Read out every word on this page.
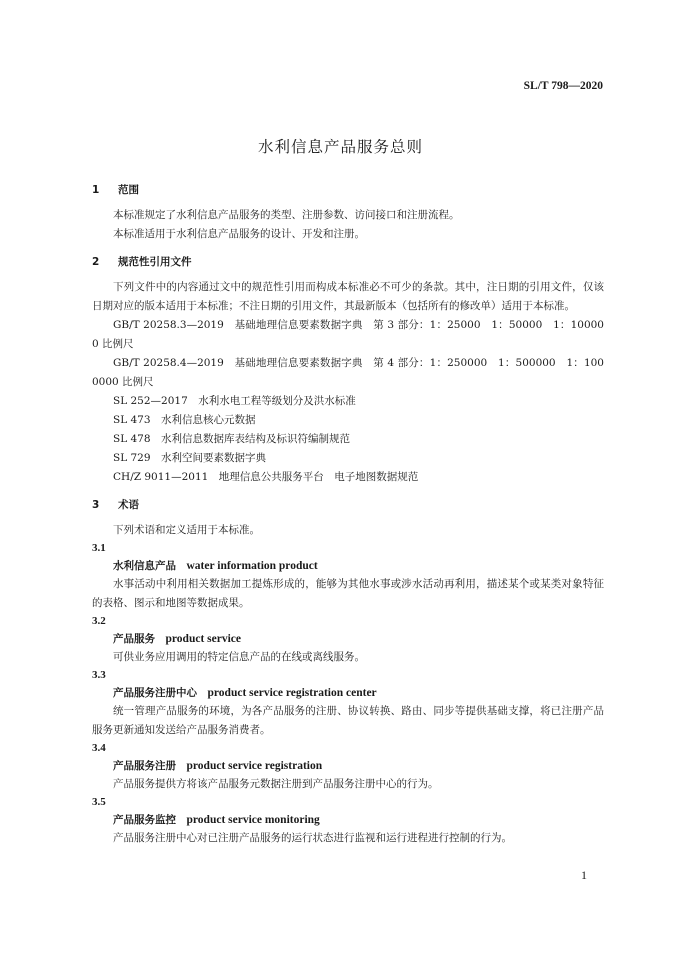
SL/T 798—2020
水利信息产品服务总则
1 范围

本标准规定了水利信息产品服务的类型、注册参数、访问接口和注册流程。

本标准适用于水利信息产品服务的设计、开发和注册。

2 规范性引用文件

下列文件中的内容通过文中的规范性引用而构成本标准必不可少的条款。其中，注日期的引用文件，仅该日期对应的版本适用于本标准；不注日期的引用文件，其最新版本（包括所有的修改单）适用于本标准。

GB/T 20258.3—2019　基础地理信息要素数据字典　第 3 部分：1：25000　1：50000　1：100000 比例尺

GB/T 20258.4—2019　基础地理信息要素数据字典　第 4 部分：1：250000　1：500000　1：1000000 比例尺

SL 252—2017　水利水电工程等级划分及洪水标准

SL 473　水利信息核心元数据

SL 478　水利信息数据库表结构及标识符编制规范

SL 729　水利空间要素数据字典

CH/Z 9011—2011　地理信息公共服务平台　电子地图数据规范

3 术语

下列术语和定义适用于本标准。

3.1
水利信息产品　 water information product

水事活动中利用相关数据加工提炼形成的，能够为其他水事或涉水活动再利用，描述某个或某类对象特征的表格、图示和地图等数据成果。

3.2
产品服务　 product service

可供业务应用调用的特定信息产品的在线或离线服务。

3.3
产品服务注册中心　 product service registration center

统一管理产品服务的环境，为各产品服务的注册、协议转换、路由、同步等提供基础支撑，将已注册产品服务更新通知发送给产品服务消费者。

3.4
产品服务注册　 product service registration

产品服务提供方将该产品服务元数据注册到产品服务注册中心的行为。

3.5
产品服务监控　 product service monitoring

产品服务注册中心对已注册产品服务的运行状态进行监视和运行进程进行控制的行为。

1
